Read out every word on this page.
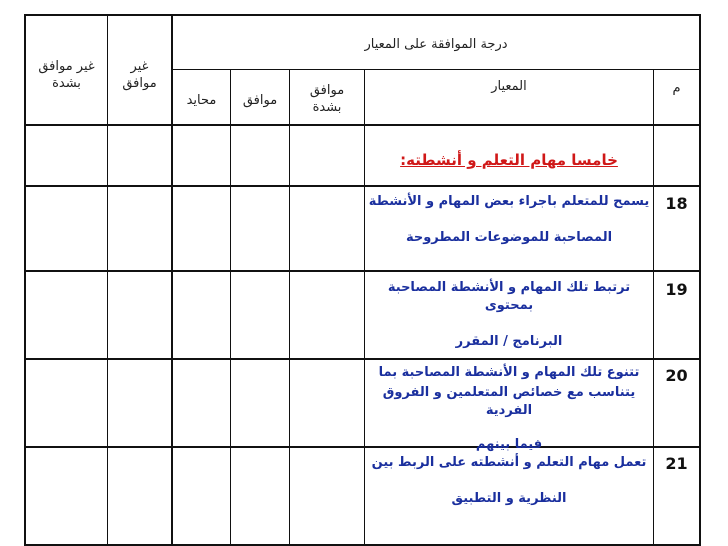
درجة الموافقة على المعيار
م
المعيار
موافق
بشدة
موافق
محايد
غير
موافق
غير موافق
بشدة
خامسا مهام التعلم و أنشطته:
18
يسمح للمتعلم باجراء بعض المهام و الأنشطة
المصاحبة للموضوعات المطروحة
19
ترتبط تلك المهام و الأنشطة المصاحبة بمحتوى
البرنامج / المقرر
20
تتنوع تلك المهام و الأنشطة المصاحبة بما
يتناسب مع خصائص المتعلمين و الفروق الفردية
فيما بينهم
21
تعمل مهام التعلم و أنشطته على الربط بين
النظرية و التطبيق
